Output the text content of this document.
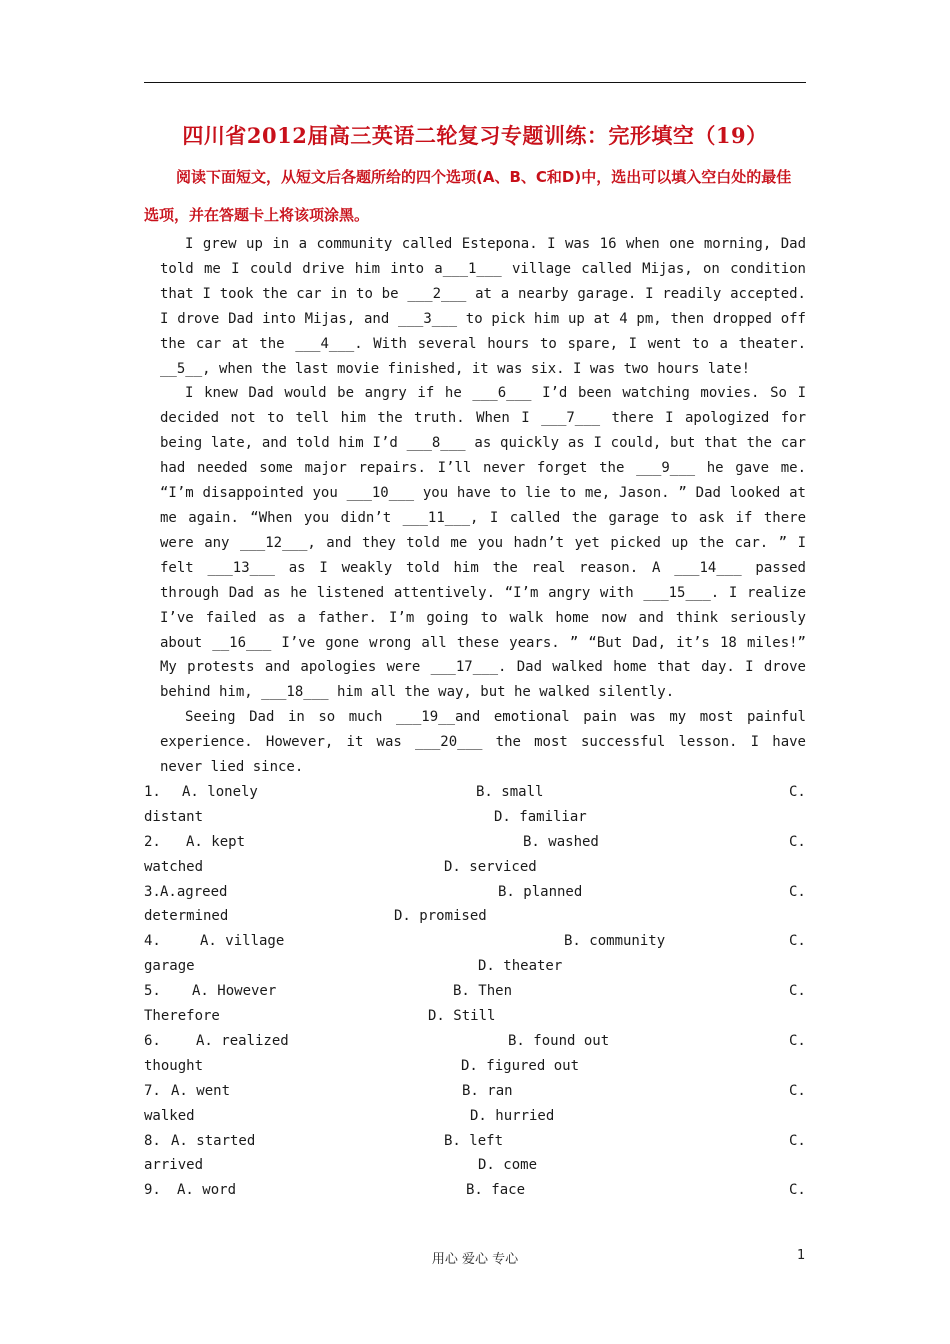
四川省2012届高三英语二轮复习专题训练：完形填空（19）
阅读下面短文，从短文后各题所给的四个选项(A、B、C和D)中，选出可以填入空白处的最佳选项，并在答题卡上将该项涂黑。

I grew up in a community called Estepona. I was 16 when one morning, Dad told me I could drive him into a___1___ village called Mijas, on condition that I took the car in to be ___2___ at a nearby garage. I readily accepted. I drove Dad into Mijas, and ___3___ to pick him up at 4 pm, then dropped off the car at the ___4___. With several hours to spare, I went to a theater. __5__, when the last movie finished, it was six. I was two hours late!

I knew Dad would be angry if he ___6___ I’d been watching movies. So I decided not to tell him the truth. When I ___7___ there I apologized for being late, and told him I’d ___8___ as quickly as I could, but that the car had needed some major repairs. I’ll never forget the ___9___ he gave me. “I’m disappointed you ___10___ you have to lie to me, Jason. ” Dad looked at me again. “When you didn’t ___11___, I called the garage to ask if there were any ___12___, and they told me you hadn’t yet picked up the car. ” I felt ___13___ as I weakly told him the real reason. A ___14___ passed through Dad as he listened attentively. “I’m angry with ___15___. I realize I’ve failed as a father. I’m going to walk home now and think seriously about __16___ I’ve gone wrong all these years. ” “But Dad, it’s 18 miles!” My protests and apologies were ___17___. Dad walked home that day. I drove behind him, ___18___ him all the way, but he walked silently.

Seeing Dad in so much ___19__and emotional pain was my most painful experience. However, it was ___20___ the most successful lesson. I have never lied since.

1. A. lonely	B. small	C.
distant	D. familiar
2. A. kept	B. washed	C.
watched	D. serviced
3. A.agreed	B. planned	C.
determined	D. promised
4.	A. village	B. community	C.
garage	D. theater
5. A. However	B. Then	C.
Therefore	D. Still
6.	A. realized	B. found out	C.
thought	D. figured out
7. A. went	B. ran	C.
walked	D. hurried
8. A. started	B. left	C.
arrived	D. come
9. A. word	B. face	C.
用心 爱心 专心	1
